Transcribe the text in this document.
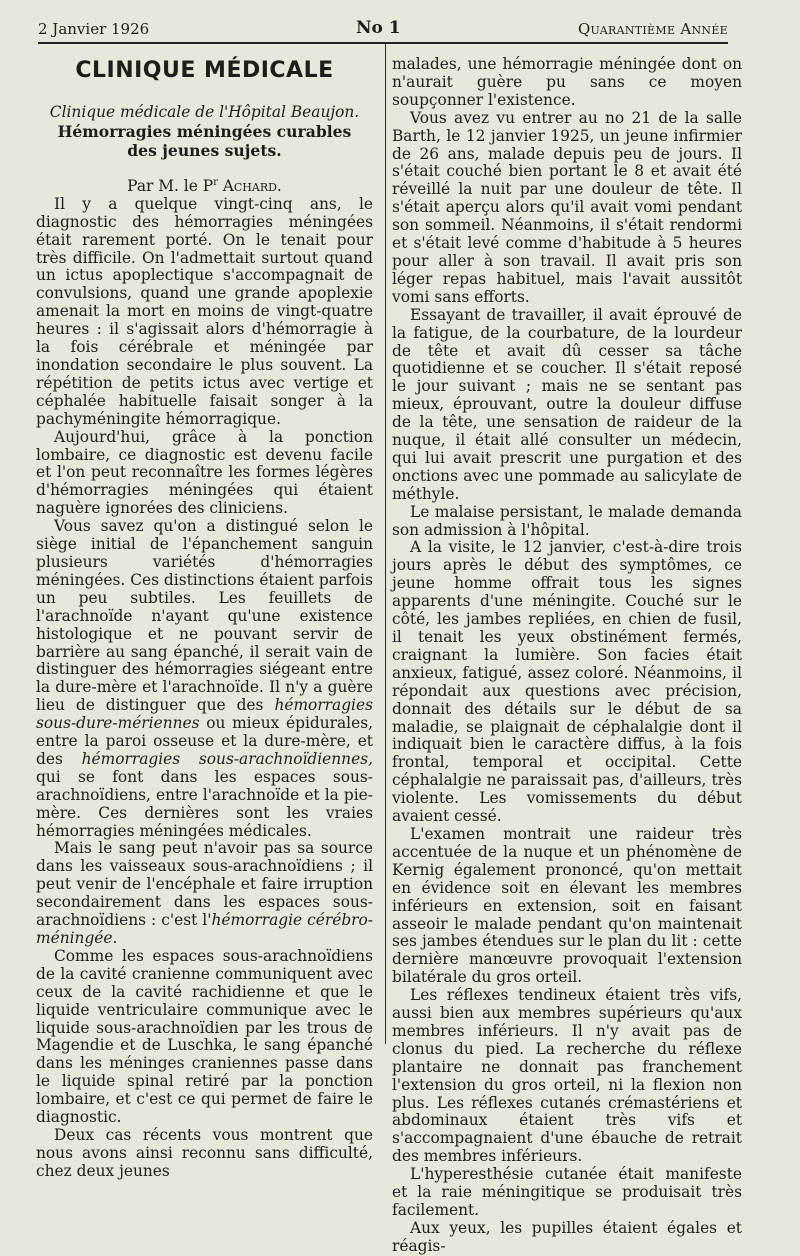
2 Janvier 1926	No 1	Quarantième Année
CLINIQUE MÉDICALE

Clinique médicale de l'Hôpital Beaujon.

Hémorragies méningées curables
des jeunes sujets.

Par M. le $P^r$ Achard.

Il y a quelque vingt-cinq ans, le diagnostic des hémorragies méningées était rarement porté. On le tenait pour très difficile. On l'admettait surtout quand un ictus apoplectique s'accompagnait de convulsions, quand une grande apoplexie amenait la mort en moins de vingt-quatre heures : il s'agissait alors d'hémorragie à la fois cérébrale et méningée par inondation secondaire le plus souvent. La répétition de petits ictus avec vertige et céphalée habituelle faisait songer à la pachyméningite hémorragique.

Aujourd'hui, grâce à la ponction lombaire, ce diagnostic est devenu facile et l'on peut reconnaître les formes légères d'hémorragies méningées qui étaient naguère ignorées des cliniciens.

Vous savez qu'on a distingué selon le siège initial de l'épanchement sanguin plusieurs variétés d'hémorragies méningées. Ces distinctions étaient parfois un peu subtiles. Les feuillets de l'arachnoïde n'ayant qu'une existence histologique et ne pouvant servir de barrière au sang épanché, il serait vain de distinguer des hémorragies siégeant entre la dure-mère et l'arachnoïde. Il n'y a guère lieu de distinguer que des hémorragies sous-dure-mériennes ou mieux épidurales, entre la paroi osseuse et la dure-mère, et des hémorragies sous-arachnoïdiennes, qui se font dans les espaces sous-arachnoïdiens, entre l'arachnoïde et la pie-mère. Ces dernières sont les vraies hémorragies méningées médicales.

Mais le sang peut n'avoir pas sa source dans les vaisseaux sous-arachnoïdiens ; il peut venir de l'encéphale et faire irruption secondairement dans les espaces sous-arachnoïdiens : c'est l'hémorragie cérébro-méningée.

Comme les espaces sous-arachnoïdiens de la cavité cranienne communiquent avec ceux de la cavité rachidienne et que le liquide ventriculaire communique avec le liquide sous-arachnoïdien par les trous de Magendie et de Luschka, le sang épanché dans les méninges craniennes passe dans le liquide spinal retiré par la ponction lombaire, et c'est ce qui permet de faire le diagnostic.

Deux cas récents vous montrent que nous avons ainsi reconnu sans difficulté, chez deux jeunes

malades, une hémorragie méningée dont on n'aurait guère pu sans ce moyen soupçonner l'existence.

Vous avez vu entrer au no 21 de la salle Barth, le 12 janvier 1925, un jeune infirmier de 26 ans, malade depuis peu de jours. Il s'était couché bien portant le 8 et avait été réveillé la nuit par une douleur de tête. Il s'était aperçu alors qu'il avait vomi pendant son sommeil. Néanmoins, il s'était rendormi et s'était levé comme d'habitude à 5 heures pour aller à son travail. Il avait pris son léger repas habituel, mais l'avait aussitôt vomi sans efforts.

Essayant de travailler, il avait éprouvé de la fatigue, de la courbature, de la lourdeur de tête et avait dû cesser sa tâche quotidienne et se coucher. Il s'était reposé le jour suivant ; mais ne se sentant pas mieux, éprouvant, outre la douleur diffuse de la tête, une sensation de raideur de la nuque, il était allé consulter un médecin, qui lui avait prescrit une purgation et des onctions avec une pommade au salicylate de méthyle.

Le malaise persistant, le malade demanda son admission à l'hôpital.

A la visite, le 12 janvier, c'est-à-dire trois jours après le début des symptômes, ce jeune homme offrait tous les signes apparents d'une méningite. Couché sur le côté, les jambes repliées, en chien de fusil, il tenait les yeux obstinément fermés, craignant la lumière. Son facies était anxieux, fatigué, assez coloré. Néanmoins, il répondait aux questions avec précision, donnait des détails sur le début de sa maladie, se plaignait de céphalalgie dont il indiquait bien le caractère diffus, à la fois frontal, temporal et occipital. Cette céphalalgie ne paraissait pas, d'ailleurs, très violente. Les vomissements du début avaient cessé.

L'examen montrait une raideur très accentuée de la nuque et un phénomène de Kernig également prononcé, qu'on mettait en évidence soit en élevant les membres inférieurs en extension, soit en faisant asseoir le malade pendant qu'on maintenait ses jambes étendues sur le plan du lit : cette dernière manœuvre provoquait l'extension bilatérale du gros orteil.

Les réflexes tendineux étaient très vifs, aussi bien aux membres supérieurs qu'aux membres inférieurs. Il n'y avait pas de clonus du pied. La recherche du réflexe plantaire ne donnait pas franchement l'extension du gros orteil, ni la flexion non plus. Les réflexes cutanés crémastériens et abdominaux étaient très vifs et s'accompagnaient d'une ébauche de retrait des membres inférieurs.

L'hyperesthésie cutanée était manifeste et la raie méningitique se produisait très facilement.

Aux yeux, les pupilles étaient égales et réagis-
